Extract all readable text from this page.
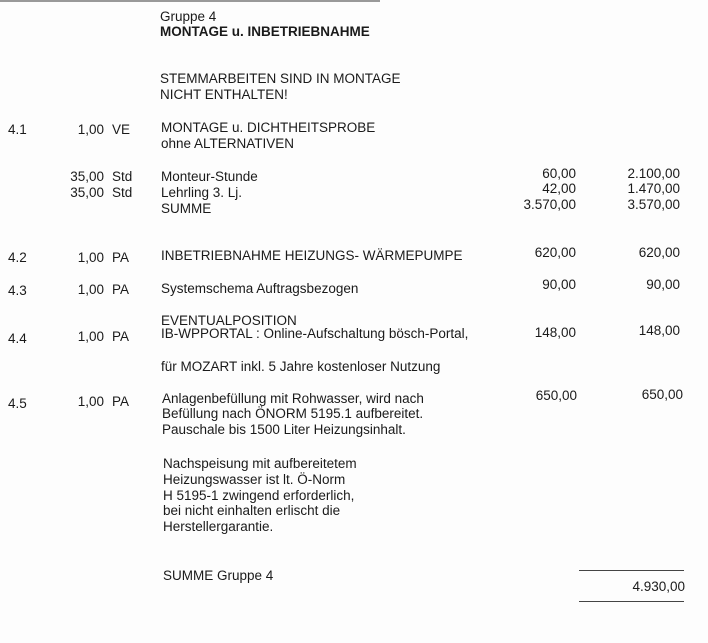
Gruppe 4
MONTAGE u. INBETRIEBNAHME
STEMMARBEITEN SIND IN MONTAGE
NICHT ENTHALTEN!
4.1	1,00 VE MONTAGE u. DICHTHEITSPROBE
ohne ALTERNATIVEN
35,00 Std Monteur-Stunde	60,00	2.100,00
35,00 Std Lehrling 3. Lj.	42,00	1.470,00
SUMME	3.570,00	3.570,00
4.2	1,00 PA INBETRIEBNAHME HEIZUNGS- WÄRMEPUMPE	620,00	620,00
4.3	1,00 PA Systemschema Auftragsbezogen	90,00	90,00
EVENTUALPOSITION
4.4	1,00 PA IB-WPPORTAL : Online-Aufschaltung bösch-Portal,	148,00	148,00
für MOZART inkl. 5 Jahre kostenloser Nutzung
4.5	1,00 PA Anlagenbefüllung mit Rohwasser, wird nach
Befüllung nach ÖNORM 5195.1 aufbereitet.
Pauschale bis 1500 Liter Heizungsinhalt.
650,00	650,00
Nachspeisung mit aufbereitetem
Heizungswasser ist lt. Ö-Norm
H 5195-1 zwingend erforderlich,
bei nicht einhalten erlischt die
Herstellergarantie.
SUMME Gruppe 4
4.930,00
